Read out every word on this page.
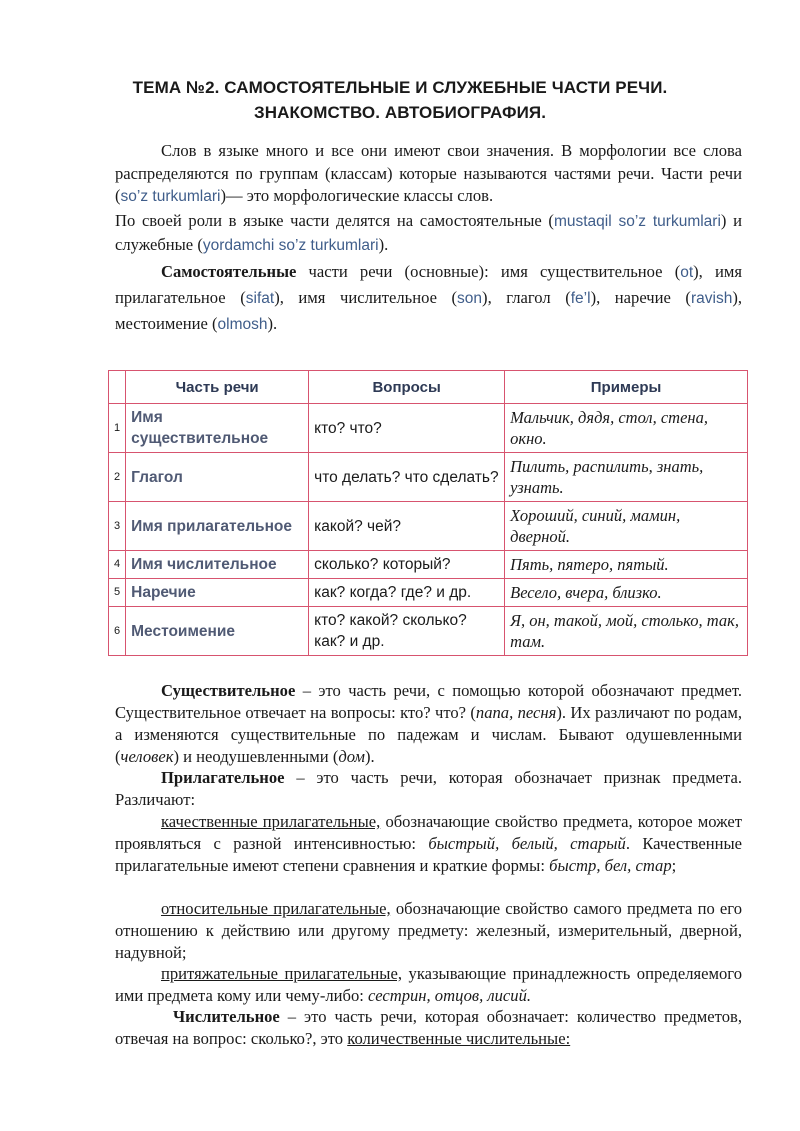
ТЕМА №2. САМОСТОЯТЕЛЬНЫЕ И СЛУЖЕБНЫЕ ЧАСТИ РЕЧИ.
ЗНАКОМСТВО. АВТОБИОГРАФИЯ.
Слов в языке много и все они имеют свои значения. В морфологии все слова распределяются по группам (классам) которые называются частями речи. Части речи (so’z turkumlari)— это морфологические классы слов.
По своей роли в языке части делятся на самостоятельные (mustaqil so’z turkumlari) и служебные (yordamchi so’z turkumlari).
Самостоятельные части речи (основные): имя существительное (ot), имя прилагательное (sifat), имя числительное (son), глагол (fe’l), наречие (ravish), местоимение (olmosh).
	Часть речи	Вопросы	Примеры
1	Имя существительное	кто? что?	Мальчик, дядя, стол, стена, окно.
2	Глагол	что делать? что сделать?	Пилить, распилить, знать, узнать.
3	Имя прилагательное	какой? чей?	Хороший, синий, мамин, дверной.
4	Имя числительное	сколько? который?	Пять, пятеро, пятый.
5	Наречие	как? когда? где? и др.	Весело, вчера, близко.
6	Местоимение	кто? какой? сколько? как? и др.	Я, он, такой, мой, столько, так, там.
Существительное – это часть речи, с помощью которой обозначают предмет. Существительное отвечает на вопросы: кто? что? (папа, песня). Их различают по родам, а изменяются существительные по падежам и числам. Бывают одушевленными (человек) и неодушевленными (дом).
Прилагательное – это часть речи, которая обозначает признак предмета. Различают:
качественные прилагательные, обозначающие свойство предмета, которое может проявляться с разной интенсивностью: быстрый, белый, старый. Качественные прилагательные имеют степени сравнения и краткие формы: быстр, бел, стар;
относительные прилагательные, обозначающие свойство самого предмета по его отношению к действию или другому предмету: железный, измерительный, дверной, надувной;
притяжательные прилагательные, указывающие принадлежность определяемого ими предмета кому или чему-либо: сестрин, отцов, лисий.
Числительное – это часть речи, которая обозначает: количество предметов, отвечая на вопрос: сколько?, это количественные числительные:
